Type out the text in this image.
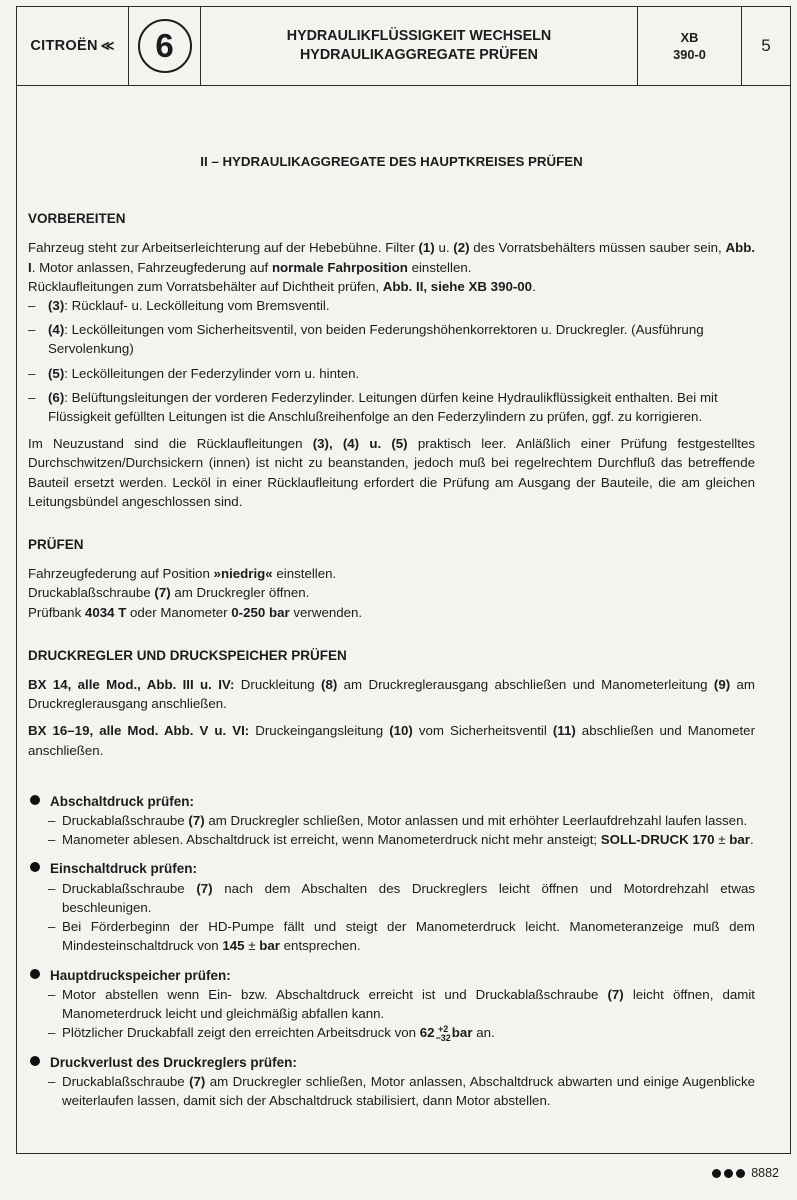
CITROËN ≪	6	HYDRAULIKFLÜSSIGKEIT WECHSELN
HYDRAULIKAGGREGATE PRÜFEN
XB
390-0	5
II – HYDRAULIKAGGREGATE DES HAUPTKREISES PRÜFEN
VORBEREITEN

Fahrzeug steht zur Arbeitserleichterung auf der Hebebühne. Filter (1) u. (2) des Vorratsbehälters müssen sauber sein, Abb. I. Motor anlassen, Fahrzeugfederung auf normale Fahrposition einstellen.

Rücklaufleitungen zum Vorratsbehälter auf Dichtheit prüfen, Abb. II, siehe XB 390-00.

– (3): Rücklauf- u. Leckölleitung vom Bremsventil.
– (4): Leckölleitungen vom Sicherheitsventil, von beiden Federungshöhenkorrektoren u. Druckregler. (Ausführung Servolenkung)
– (5): Leckölleitungen der Federzylinder vorn u. hinten.
– (6): Belüftungsleitungen der vorderen Federzylinder. Leitungen dürfen keine Hydraulikflüssigkeit enthalten. Bei mit Flüssigkeit gefüllten Leitungen ist die Anschlußreihenfolge an den Federzylindern zu prüfen, ggf. zu korrigieren.

Im Neuzustand sind die Rücklaufleitungen (3), (4) u. (5) praktisch leer. Anläßlich einer Prüfung festgestelltes Durchschwitzen/Durchsickern (innen) ist nicht zu beanstanden, jedoch muß bei regelrechtem Durchfluß das betreffende Bauteil ersetzt werden. Lecköl in einer Rücklaufleitung erfordert die Prüfung am Ausgang der Bauteile, die am gleichen Leitungsbündel angeschlossen sind.

PRÜFEN

Fahrzeugfederung auf Position »niedrig« einstellen.

Druckablaßschraube (7) am Druckregler öffnen.

Prüfbank 4034 T oder Manometer 0-250 bar verwenden.

DRUCKREGLER UND DRUCKSPEICHER PRÜFEN

BX 14, alle Mod., Abb. III u. IV: Druckleitung (8) am Druckreglerausgang abschließen und Manometerleitung (9) am Druckreglerausgang anschließen.

BX 16–19, alle Mod. Abb. V u. VI: Druckeingangsleitung (10) vom Sicherheitsventil (11) abschließen und Manometer anschließen.

Abschaltdruck prüfen:
– Druckablaßschraube (7) am Druckregler schließen, Motor anlassen und mit erhöhter Leerlaufdrehzahl laufen lassen.
– Manometer ablesen. Abschaltdruck ist erreicht, wenn Manometerdruck nicht mehr ansteigt; SOLL-DRUCK 170 ± bar.
Einschaltdruck prüfen:
– Druckablaßschraube (7) nach dem Abschalten des Druckreglers leicht öffnen und Motordrehzahl etwas beschleunigen.
– Bei Förderbeginn der HD-Pumpe fällt und steigt der Manometerdruck leicht. Manometeranzeige muß dem Mindesteinschaltdruck von 145 ± bar entsprechen.
Hauptdruckspeicher prüfen:
– Motor abstellen wenn Ein- bzw. Abschaltdruck erreicht ist und Druckablaßschraube (7) leicht öffnen, damit Manometerdruck leicht und gleichmäßig abfallen kann.
– Plötzlicher Druckabfall zeigt den erreichten Arbeitsdruck von 62 +2
−32 bar an.
Druckverlust des Druckreglers prüfen:
– Druckablaßschraube (7) am Druckregler schließen, Motor anlassen, Abschaltdruck abwarten und einige Augenblicke weiterlaufen lassen, damit sich der Abschaltdruck stabilisiert, dann Motor abstellen.
8882
